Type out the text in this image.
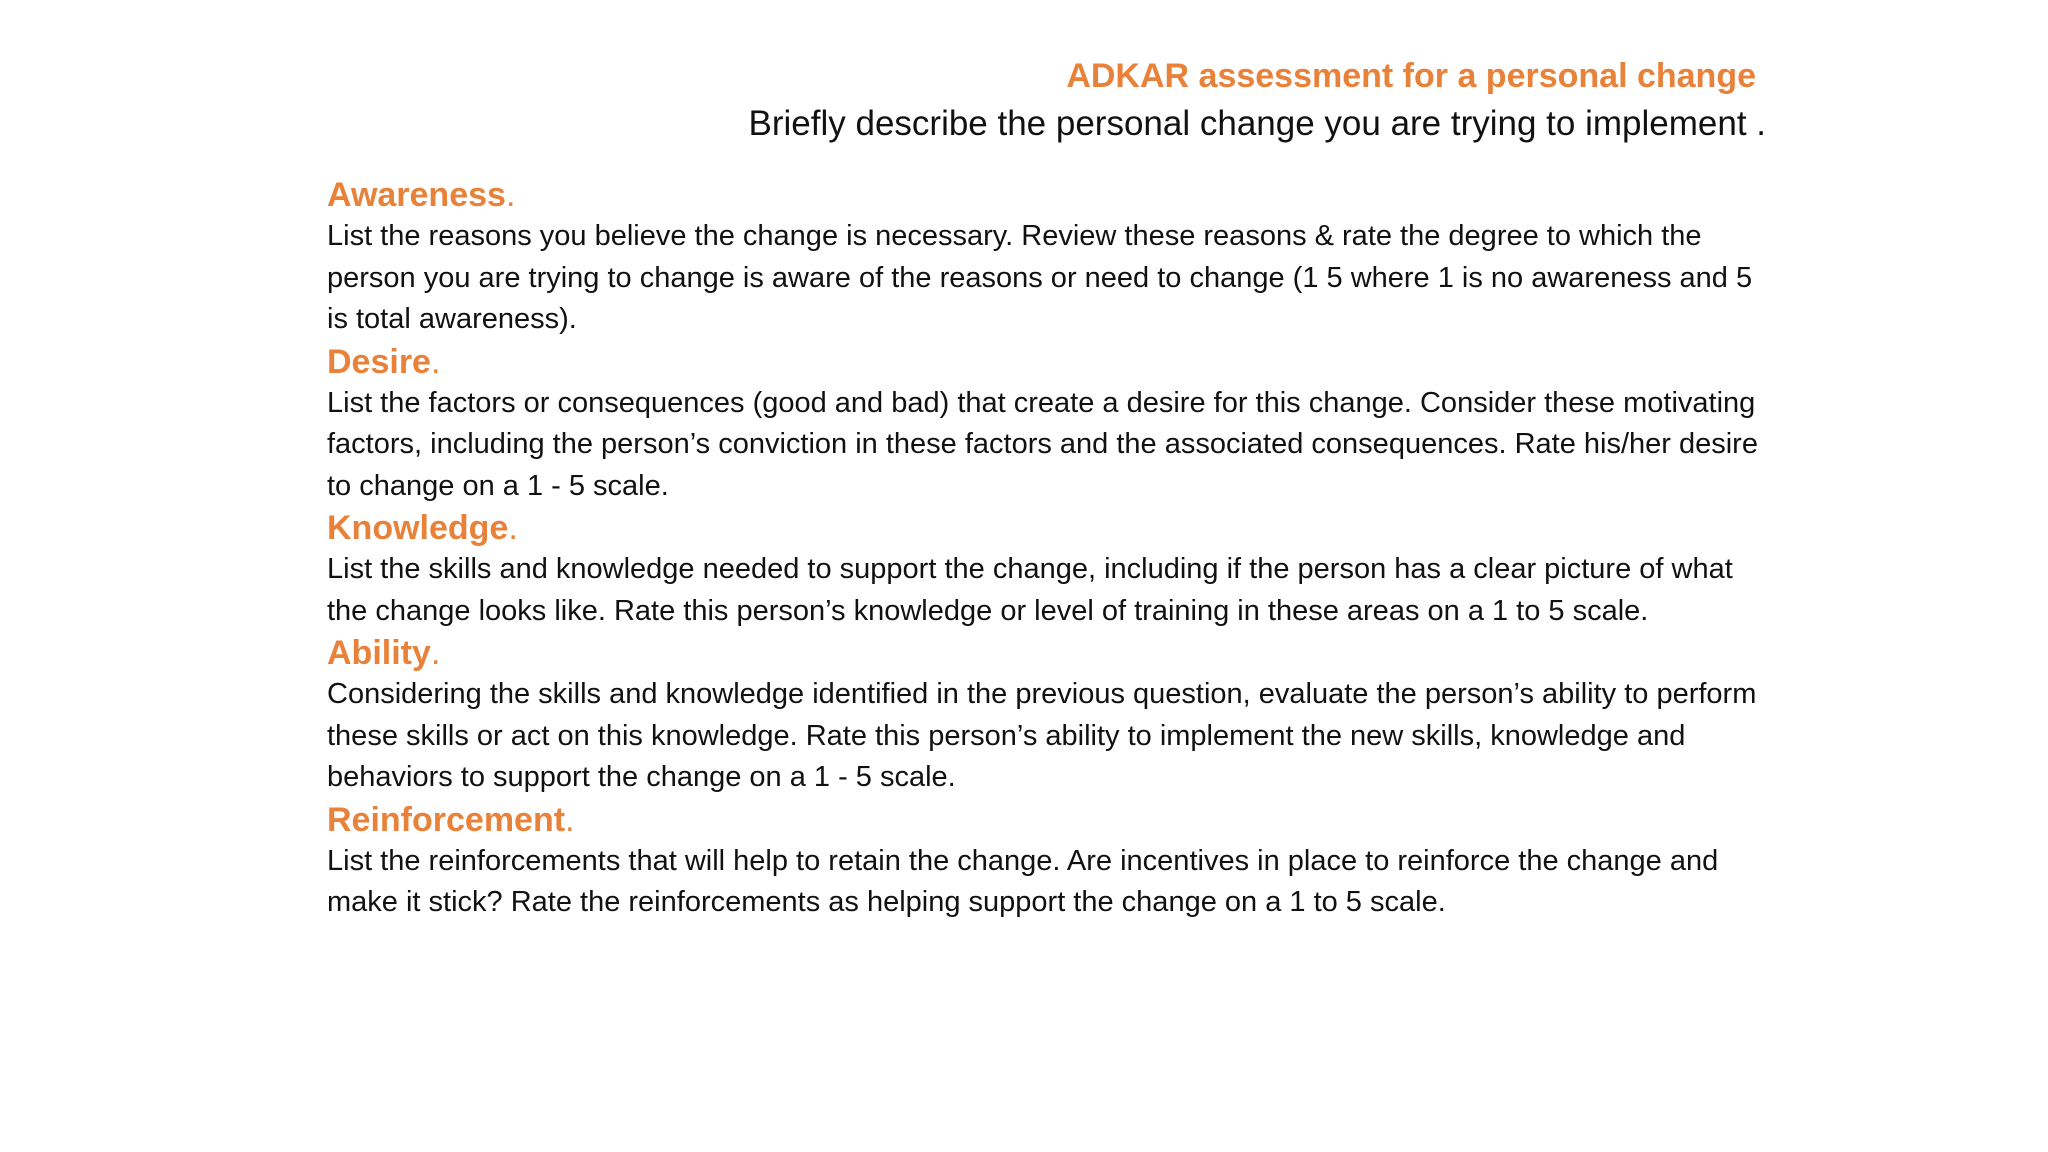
ADKAR assessment for a personal change
Briefly describe the personal change you are trying to implement .
Awareness.
List the reasons you believe the change is necessary. Review these reasons & rate the degree to which the person you are trying to change is aware of the reasons or need to change (1 5 where 1 is no awareness and 5 is total awareness).
Desire.
List the factors or consequences (good and bad) that create a desire for this change. Consider these motivating factors, including the person’s conviction in these factors and the associated consequences. Rate his/her desire to change on a 1 - 5 scale.
Knowledge.
List the skills and knowledge needed to support the change, including if the person has a clear picture of what the change looks like. Rate this person’s knowledge or level of training in these areas on a 1 to 5 scale.
Ability.
Considering the skills and knowledge identified in the previous question, evaluate the person’s ability to perform these skills or act on this knowledge. Rate this person’s ability to implement the new skills, knowledge and behaviors to support the change on a 1 - 5 scale.
Reinforcement.
List the reinforcements that will help to retain the change. Are incentives in place to reinforce the change and make it stick? Rate the reinforcements as helping support the change on a 1 to 5 scale.
